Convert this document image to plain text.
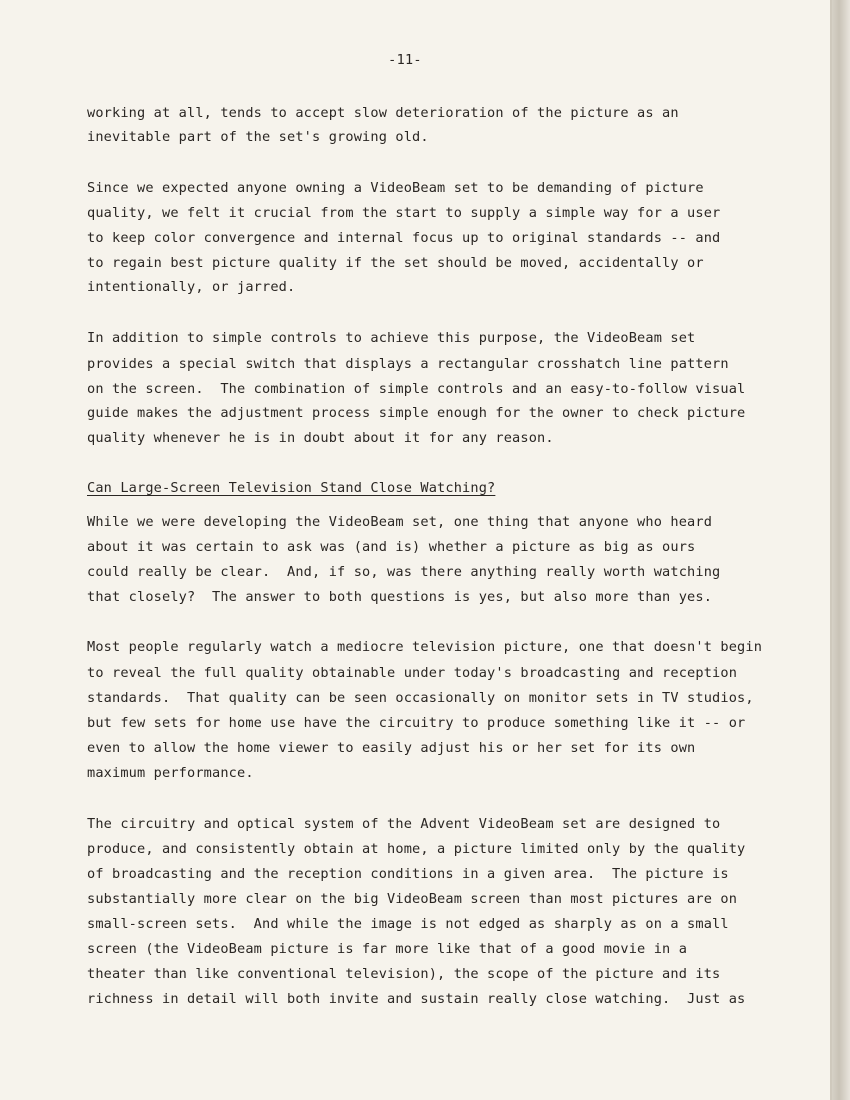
-11-
working at all, tends to accept slow deterioration of the picture as an
inevitable part of the set's growing old.
Since we expected anyone owning a VideoBeam set to be demanding of picture
quality, we felt it crucial from the start to supply a simple way for a user
to keep color convergence and internal focus up to original standards -- and
to regain best picture quality if the set should be moved, accidentally or
intentionally, or jarred.
In addition to simple controls to achieve this purpose, the VideoBeam set
provides a special switch that displays a rectangular crosshatch line pattern
on the screen.  The combination of simple controls and an easy-to-follow visual
guide makes the adjustment process simple enough for the owner to check picture
quality whenever he is in doubt about it for any reason.
Can Large-Screen Television Stand Close Watching?
While we were developing the VideoBeam set, one thing that anyone who heard
about it was certain to ask was (and is) whether a picture as big as ours
could really be clear.  And, if so, was there anything really worth watching
that closely?  The answer to both questions is yes, but also more than yes.
Most people regularly watch a mediocre television picture, one that doesn't begin
to reveal the full quality obtainable under today's broadcasting and reception
standards.  That quality can be seen occasionally on monitor sets in TV studios,
but few sets for home use have the circuitry to produce something like it -- or
even to allow the home viewer to easily adjust his or her set for its own
maximum performance.
The circuitry and optical system of the Advent VideoBeam set are designed to
produce, and consistently obtain at home, a picture limited only by the quality
of broadcasting and the reception conditions in a given area.  The picture is
substantially more clear on the big VideoBeam screen than most pictures are on
small-screen sets.  And while the image is not edged as sharply as on a small
screen (the VideoBeam picture is far more like that of a good movie in a
theater than like conventional television), the scope of the picture and its
richness in detail will both invite and sustain really close watching.  Just as
